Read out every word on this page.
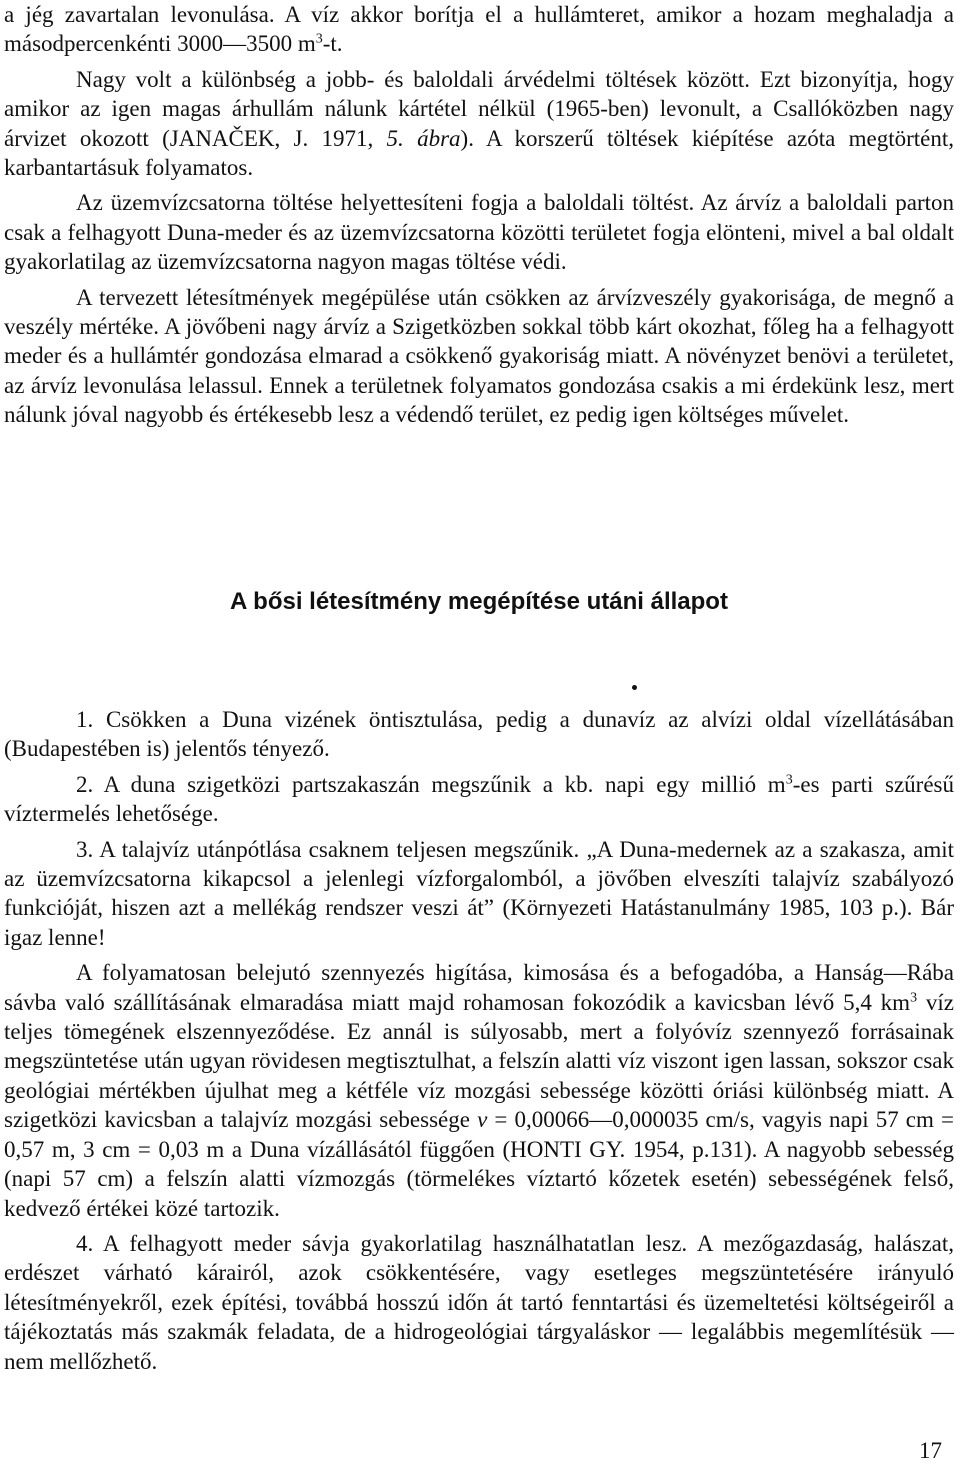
a jég zavartalan levonulása. A víz akkor borítja el a hullámteret, amikor a hozam meghaladja a másodpercenkénti 3000—3500 $m^3-t$.

Nagy volt a különbség a jobb- és baloldali árvédelmi töltések között. Ezt bizonyítja, hogy amikor az igen magas árhullám nálunk kártétel nélkül (1965-ben) levonult, a Csallóközben nagy árvizet okozott (JANAČEK, J. 1971, 5. ábra). A korszerű töltések kiépítése azóta megtörtént, karbantartásuk folyamatos.

Az üzemvízcsatorna töltése helyettesíteni fogja a baloldali töltést. Az árvíz a baloldali parton csak a felhagyott Duna-meder és az üzemvízcsatorna közötti területet fogja elönteni, mivel a bal oldalt gyakorlatilag az üzemvízcsatorna nagyon magas töltése védi.

A tervezett létesítmények megépülése után csökken az árvízveszély gyakorisága, de megnő a veszély mértéke. A jövőbeni nagy árvíz a Szigetközben sokkal több kárt okozhat, főleg ha a felhagyott meder és a hullámtér gondozása elmarad a csökkenő gyakoriság miatt. A növényzet benövi a területet, az árvíz levonulása lelassul. Ennek a területnek folyamatos gondozása csakis a mi érdekünk lesz, mert nálunk jóval nagyobb és értékesebb lesz a védendő terület, ez pedig igen költséges művelet.

A bősi létesítmény megépítése utáni állapot

1. Csökken a Duna vizének öntisztulása, pedig a dunavíz az alvízi oldal vízellátásában (Budapestében is) jelentős tényező.

2. A duna szigetközi partszakaszán megszűnik a kb. napi egy millió $m^3-es$ parti szűrésű víztermelés lehetősége.

3. A talajvíz utánpótlása csaknem teljesen megszűnik. „A Duna-medernek az a szakasza, amit az üzemvízcsatorna kikapcsol a jelenlegi vízforgalomból, a jövőben elveszíti talajvíz szabályozó funkcióját, hiszen azt a mellékág rendszer veszi át” (Környezeti Hatástanulmány 1985, 103 p.). Bár igaz lenne!

A folyamatosan belejutó szennyezés higítása, kimosása és a befogadóba, a Hanság—Rába sávba való szállításának elmaradása miatt majd rohamosan fokozódik a kavicsban lévő 5,4 $km^3$ víz teljes tömegének elszennyeződése. Ez annál is súlyosabb, mert a folyóvíz szennyező forrásainak megszüntetése után ugyan rövidesen megtisztulhat, a felszín alatti víz viszont igen lassan, sokszor csak geológiai mértékben újulhat meg a kétféle víz mozgási sebessége közötti óriási különbség miatt. A szigetközi kavicsban a talajvíz mozgási sebessége v = 0,00066—0,000035 cm/s, vagyis napi 57 cm = 0,57 m, 3 cm = 0,03 m a Duna vízállásától függően (HONTI GY. 1954, p.131). A nagyobb sebesség (napi 57 cm) a felszín alatti vízmozgás (törmelékes víztartó kőzetek esetén) sebességének felső, kedvező értékei közé tartozik.

4. A felhagyott meder sávja gyakorlatilag használhatatlan lesz. A mezőgazdaság, halászat, erdészet várható kárairól, azok csökkentésére, vagy esetleges megszüntetésére irányuló létesítményekről, ezek építési, továbbá hosszú időn át tartó fenntartási és üzemeltetési költségeiről a tájékoztatás más szakmák feladata, de a hidrogeológiai tárgyaláskor — legalábbis megemlítésük — nem mellőzhető.

17
